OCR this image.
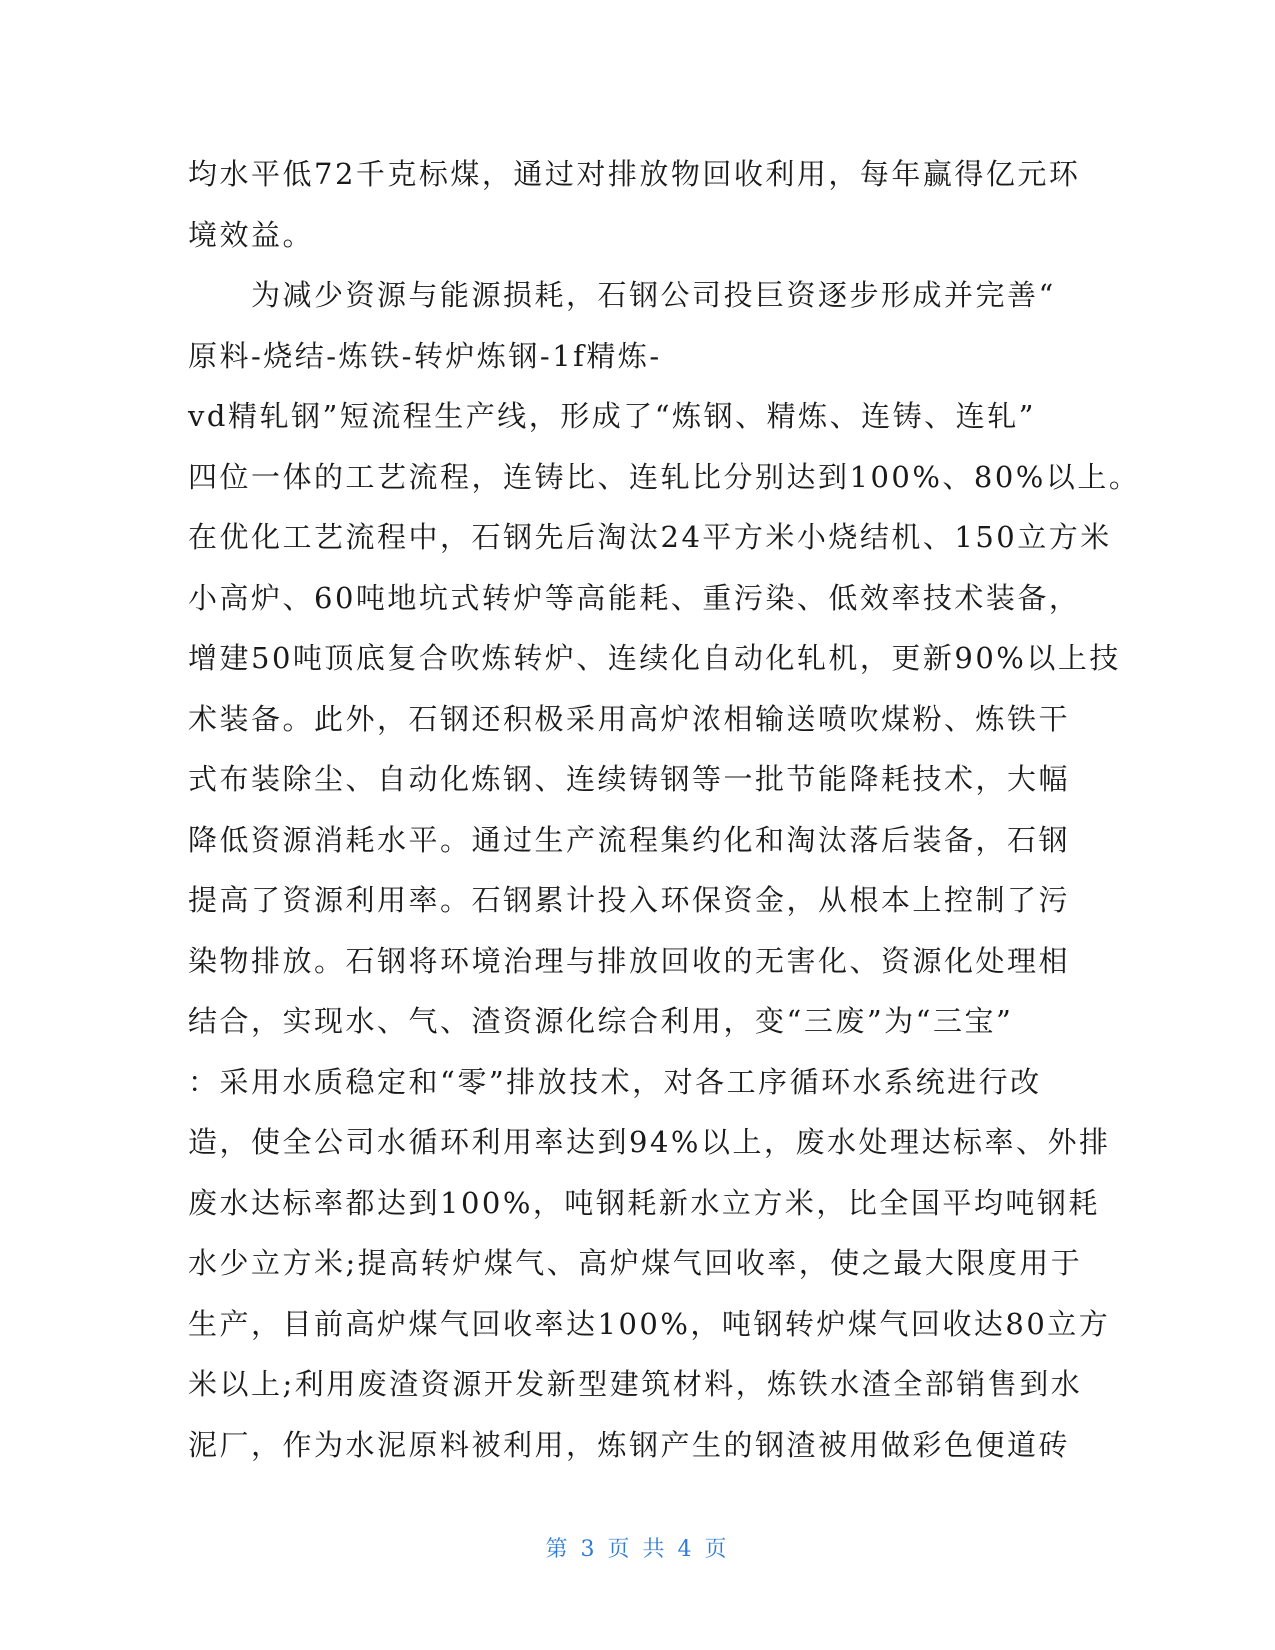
均水平低72千克标煤，通过对排放物回收利用，每年赢得亿元环
境效益。
　　为减少资源与能源损耗，石钢公司投巨资逐步形成并完善“
原料-烧结-炼铁-转炉炼钢-1f精炼-
vd精轧钢”短流程生产线，形成了“炼钢、精炼、连铸、连轧”
四位一体的工艺流程，连铸比、连轧比分别达到100%、80%以上。
在优化工艺流程中，石钢先后淘汰24平方米小烧结机、150立方米
小高炉、60吨地坑式转炉等高能耗、重污染、低效率技术装备，
增建50吨顶底复合吹炼转炉、连续化自动化轧机，更新90%以上技
术装备。此外，石钢还积极采用高炉浓相输送喷吹煤粉、炼铁干
式布装除尘、自动化炼钢、连续铸钢等一批节能降耗技术，大幅
降低资源消耗水平。通过生产流程集约化和淘汰落后装备，石钢
提高了资源利用率。石钢累计投入环保资金，从根本上控制了污
染物排放。石钢将环境治理与排放回收的无害化、资源化处理相
结合，实现水、气、渣资源化综合利用，变“三废”为“三宝”
：采用水质稳定和“零”排放技术，对各工序循环水系统进行改
造，使全公司水循环利用率达到94%以上，废水处理达标率、外排
废水达标率都达到100%，吨钢耗新水立方米，比全国平均吨钢耗
水少立方米;提高转炉煤气、高炉煤气回收率，使之最大限度用于
生产，目前高炉煤气回收率达100%，吨钢转炉煤气回收达80立方
米以上;利用废渣资源开发新型建筑材料，炼铁水渣全部销售到水
泥厂，作为水泥原料被利用，炼钢产生的钢渣被用做彩色便道砖
第 3 页 共 4 页
